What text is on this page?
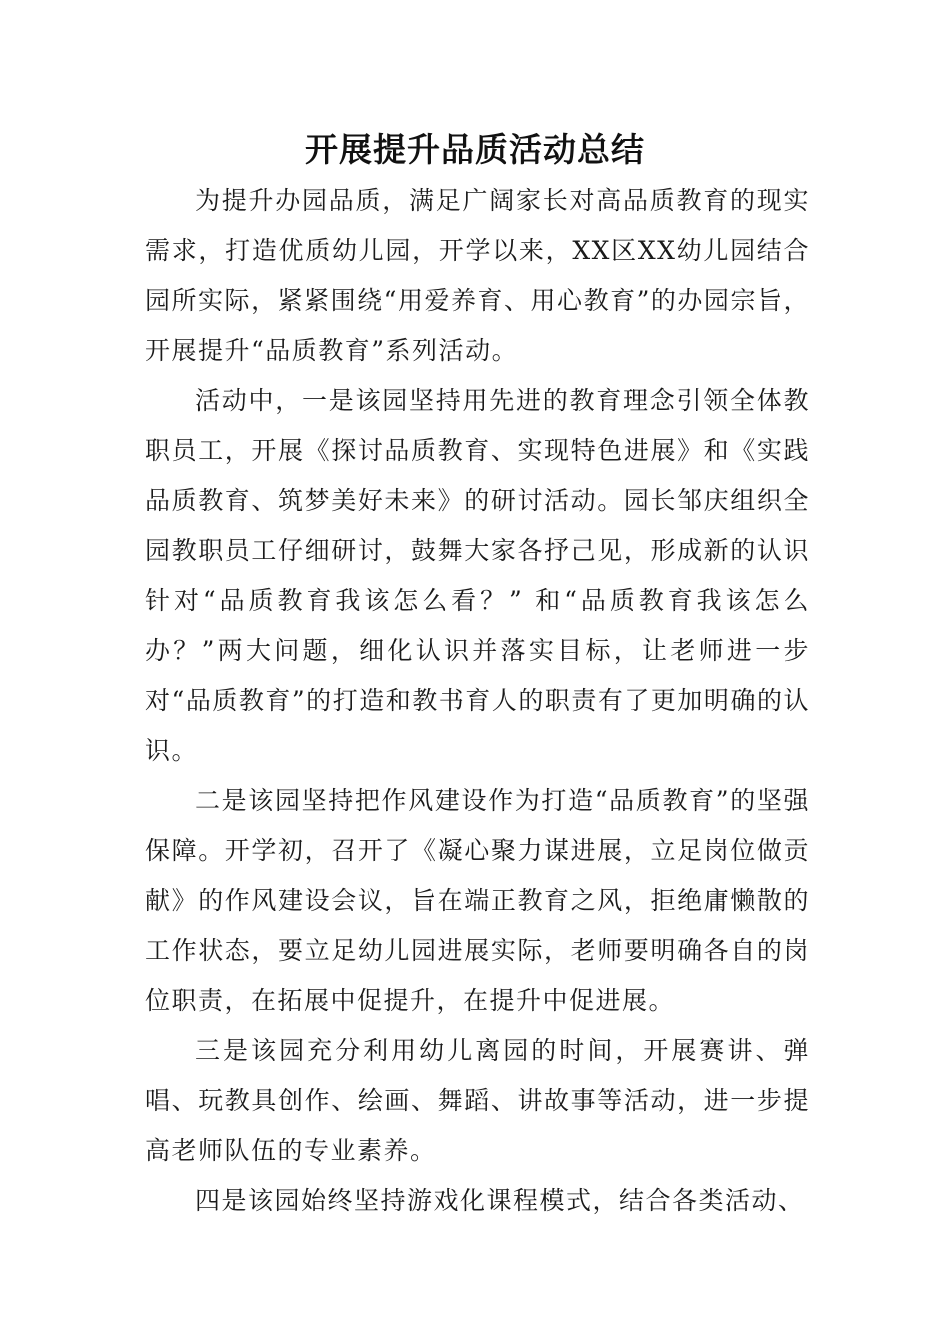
开展提升品质活动总结

为提升办园品质，满足广阔家长对高品质教育的现实需求，打造优质幼儿园，开学以来，XX区XX幼儿园结合园所实际，紧紧围绕“用爱养育、用心教育”的办园宗旨，开展提升“品质教育”系列活动。

活动中，一是该园坚持用先进的教育理念引领全体教职员工，开展《探讨品质教育、实现特色进展》和《实践品质教育、筑梦美好未来》的研讨活动。园长邹庆组织全园教职员工仔细研讨，鼓舞大家各抒己见，形成新的认识针对“品质教育我该怎么看？” 和“品质教育我该怎么办？”两大问题，细化认识并落实目标，让老师进一步对“品质教育”的打造和教书育人的职责有了更加明确的认识。

二是该园坚持把作风建设作为打造“品质教育”的坚强保障。开学初，召开了《凝心聚力谋进展，立足岗位做贡献》的作风建设会议，旨在端正教育之风，拒绝庸懒散的工作状态，要立足幼儿园进展实际，老师要明确各自的岗位职责，在拓展中促提升，在提升中促进展。

三是该园充分利用幼儿离园的时间，开展赛讲、弹唱、玩教具创作、绘画、舞蹈、讲故事等活动，进一步提高老师队伍的专业素养。

四是该园始终坚持游戏化课程模式，结合各类活动、
